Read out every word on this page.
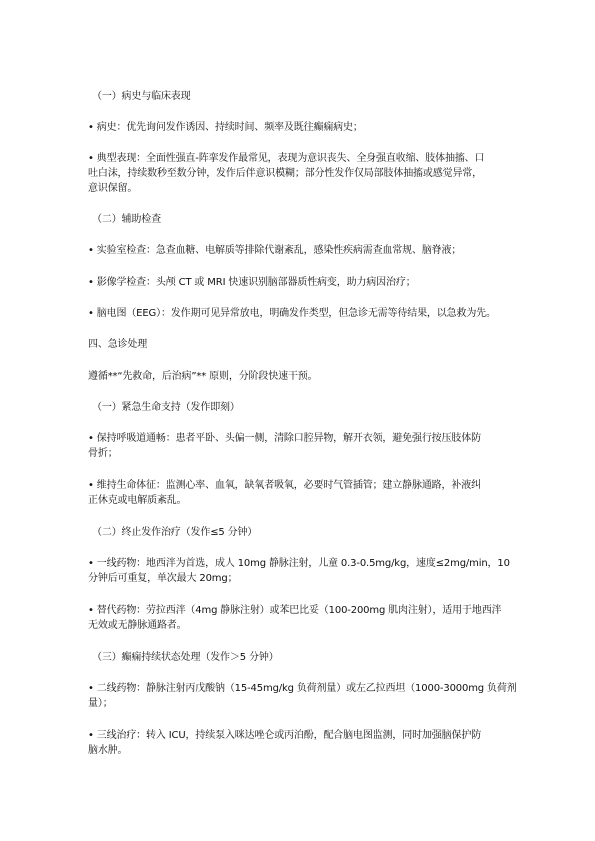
（一）病史与临床表现
• 病史：优先询问发作诱因、持续时间、频率及既往癫痫病史；
• 典型表现：全面性强直-阵挛发作最常见，表现为意识丧失、全身强直收缩、肢体抽搐、口
吐白沫，持续数秒至数分钟，发作后伴意识模糊；部分性发作仅局部肢体抽搐或感觉异常，
意识保留。
（二）辅助检查
• 实验室检查：急查血糖、电解质等排除代谢紊乱，感染性疾病需查血常规、脑脊液；
• 影像学检查：头颅 CT 或 MRI 快速识别脑部器质性病变，助力病因治疗；
• 脑电图（EEG）：发作期可见异常放电，明确发作类型，但急诊无需等待结果，以急救为先。
四、急诊处理
遵循**“先救命，后治病”** 原则，分阶段快速干预。
（一）紧急生命支持（发作即刻）
• 保持呼吸道通畅：患者平卧、头偏一侧，清除口腔异物，解开衣领，避免强行按压肢体防
骨折；
• 维持生命体征：监测心率、血氧，缺氧者吸氧，必要时气管插管；建立静脉通路，补液纠
正休克或电解质紊乱。
（二）终止发作治疗（发作≤5 分钟）
• 一线药物：地西泮为首选，成人 10mg 静脉注射，儿童 0.3-0.5mg/kg，速度≤2mg/min，10
分钟后可重复，单次最大 20mg；
• 替代药物：劳拉西泮（4mg 静脉注射）或苯巴比妥（100-200mg 肌肉注射），适用于地西泮
无效或无静脉通路者。
（三）癫痫持续状态处理（发作＞5 分钟）
• 二线药物：静脉注射丙戊酸钠（15-45mg/kg 负荷剂量）或左乙拉西坦（1000-3000mg 负荷剂
量）；
• 三线治疗：转入 ICU，持续泵入咪达唑仑或丙泊酚，配合脑电图监测，同时加强脑保护防
脑水肿。
